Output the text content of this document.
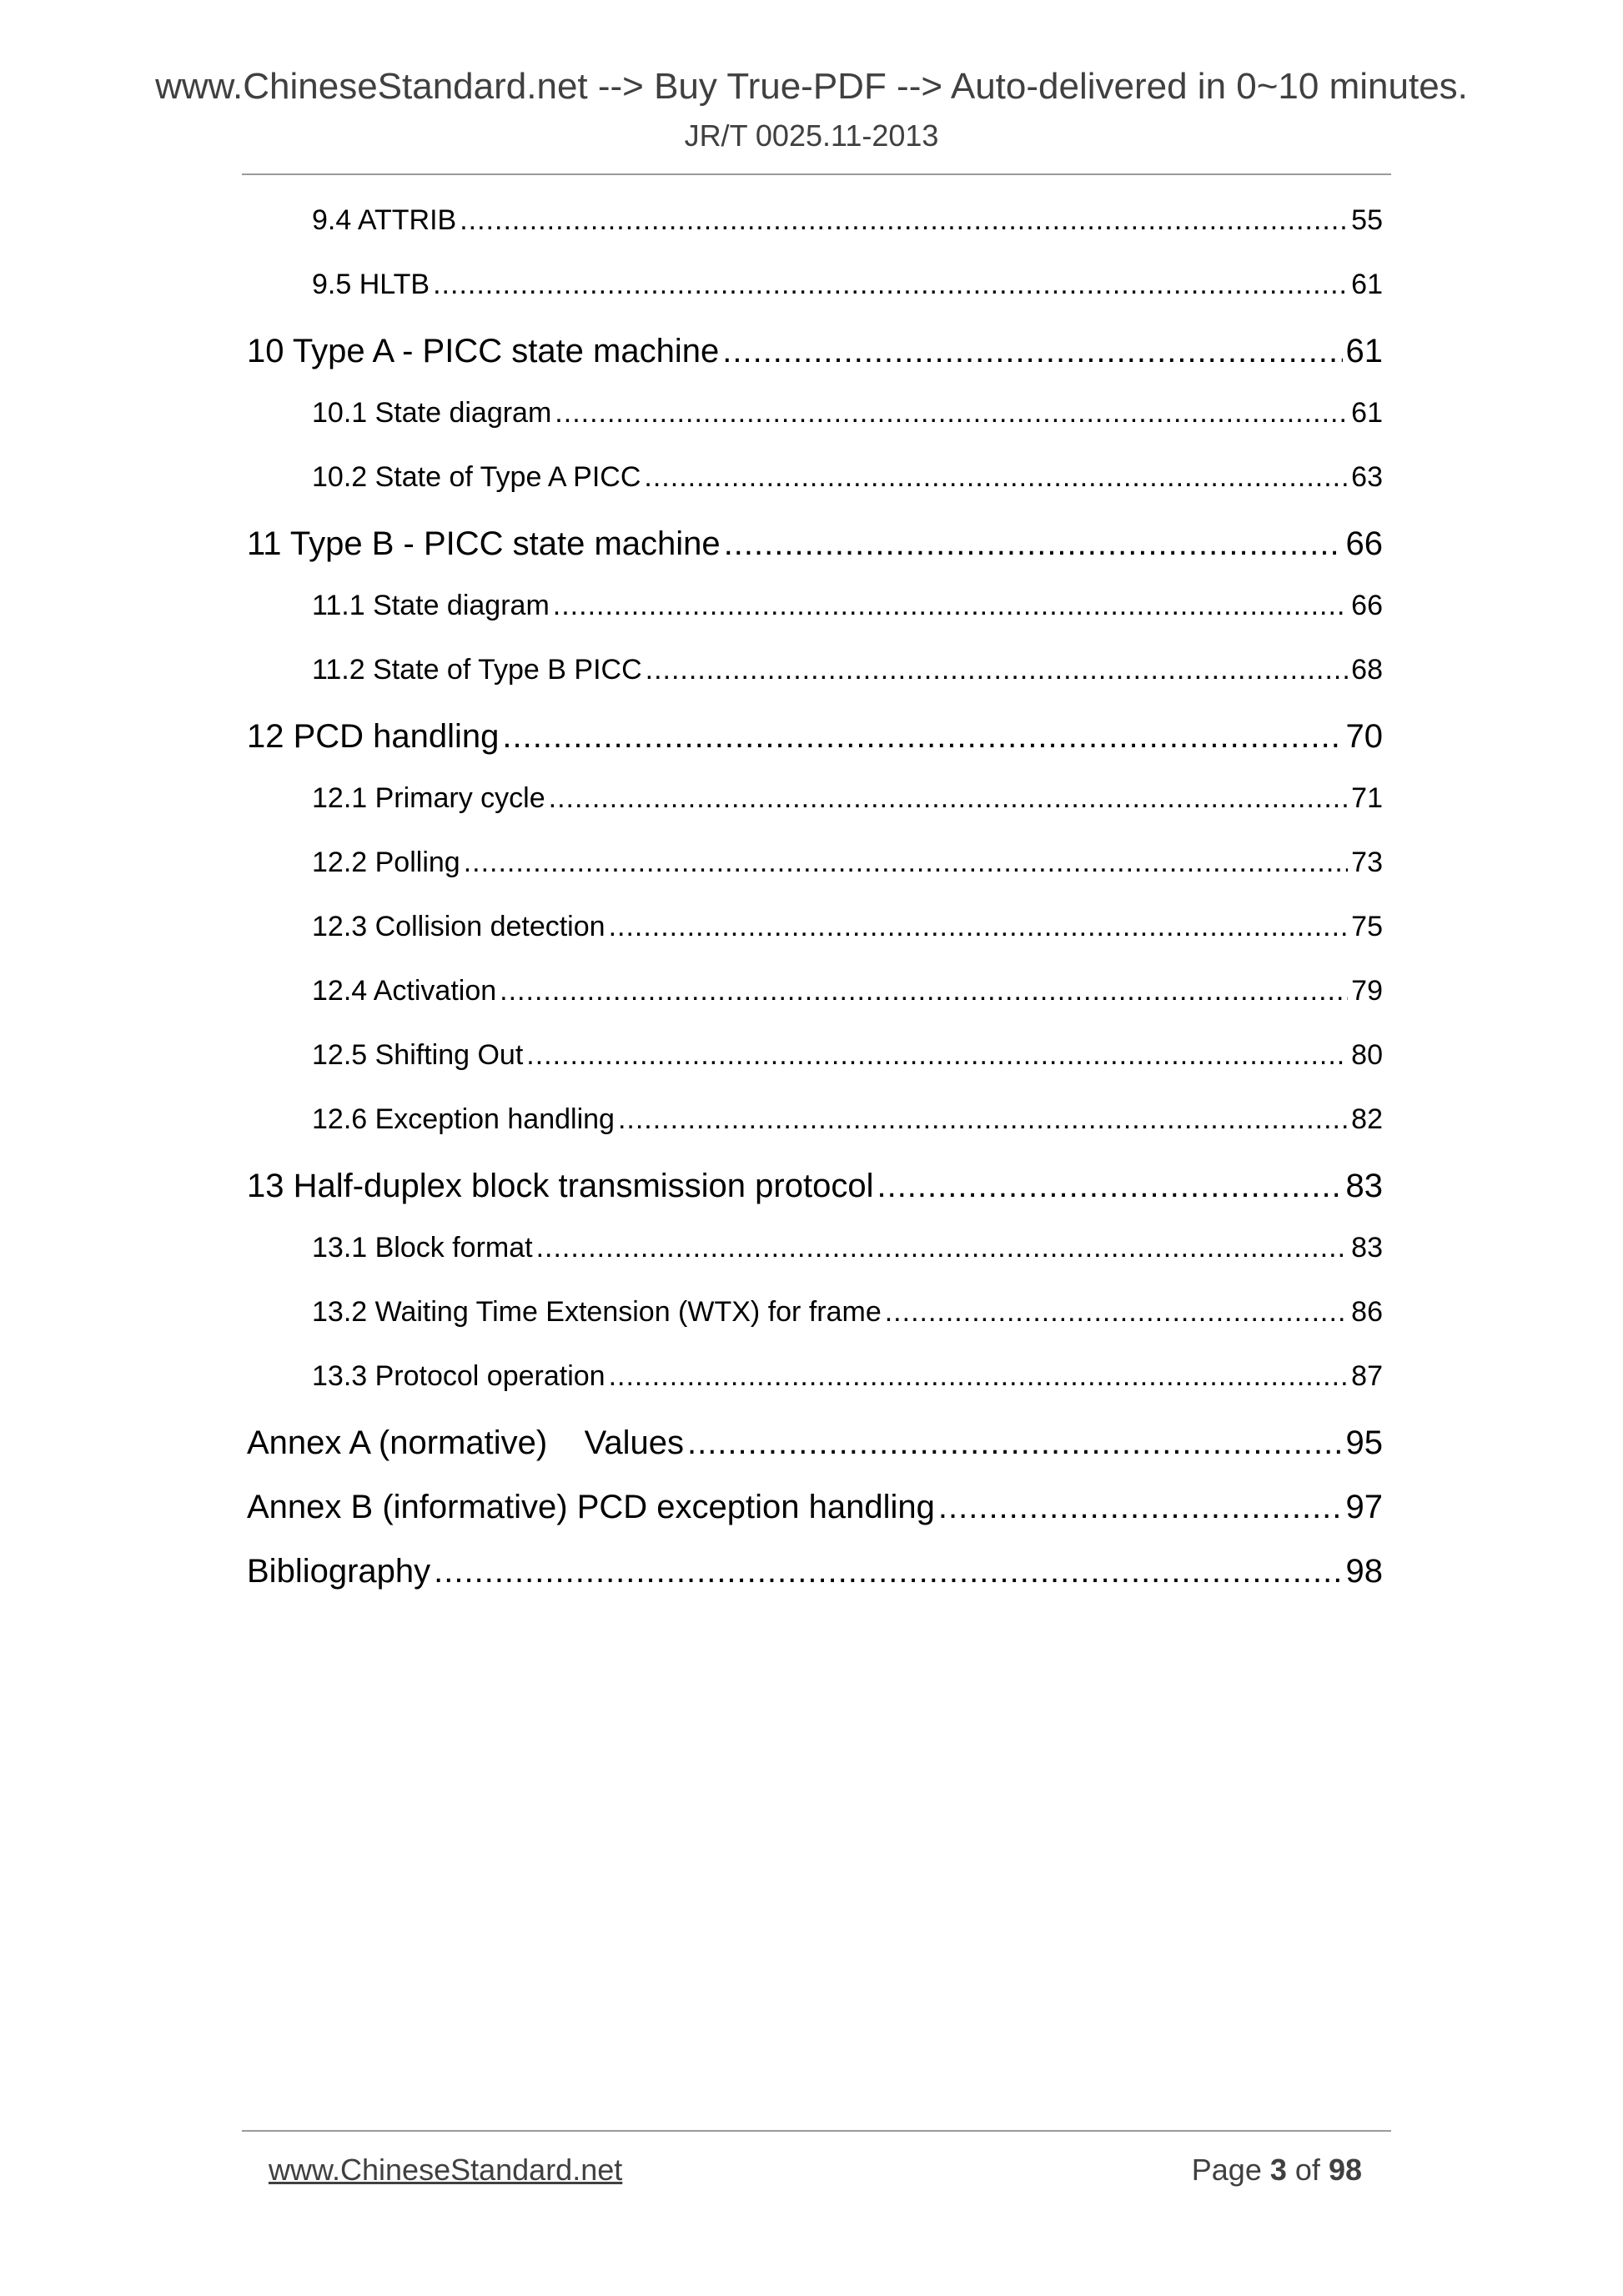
www.ChineseStandard.net --> Buy True-PDF --> Auto-delivered in 0~10 minutes.
JR/T 0025.11-2013
9.4 ATTRIB .....	55
9.5 HLTB .....	61
10 Type A - PICC state machine .....	61
10.1 State diagram .....	61
10.2 State of Type A PICC .....	63
11 Type B - PICC state machine .....	66
11.1 State diagram .....	66
11.2 State of Type B PICC .....	68
12 PCD handling .....	70
12.1 Primary cycle .....	71
12.2 Polling .....	73
12.3 Collision detection .....	75
12.4 Activation .....	79
12.5 Shifting Out .....	80
12.6 Exception handling .....	82
13 Half-duplex block transmission protocol .....	83
13.1 Block format .....	83
13.2 Waiting Time Extension (WTX) for frame .....	86
13.3 Protocol operation .....	87
Annex A (normative)    Values .....	95
Annex B (informative) PCD exception handling .....	97
Bibliography .....	98
www.ChineseStandard.net	Page 3 of 98
